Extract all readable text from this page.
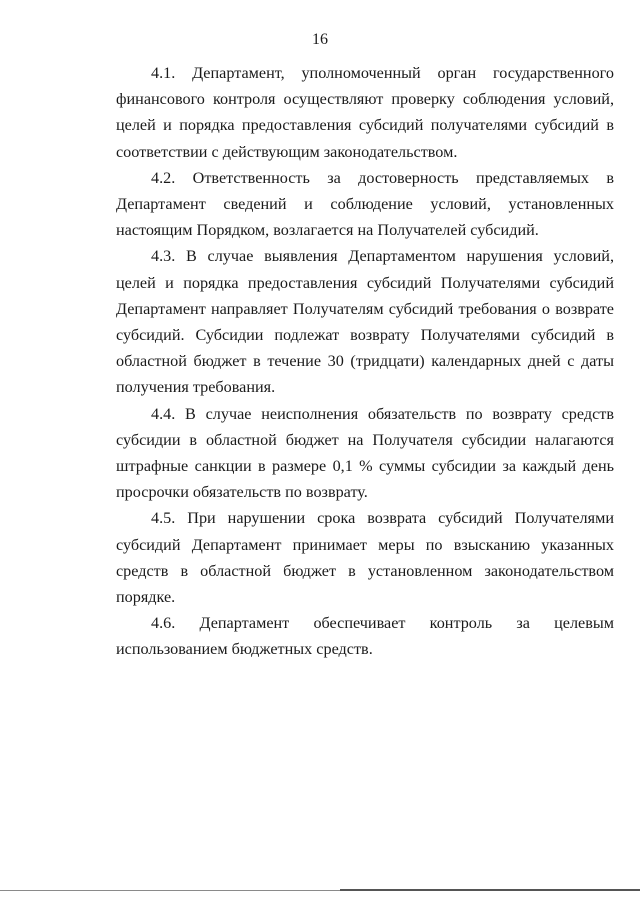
16

4.1. Департамент, уполномоченный орган государственного финансового контроля осуществляют проверку соблюдения условий, целей и порядка предоставления субсидий получателями субсидий в соответствии с действующим законодательством.

4.2. Ответственность за достоверность представляемых в Департамент сведений и соблюдение условий, установленных настоящим Порядком, возлагается на Получателей субсидий.

4.3. В случае выявления Департаментом нарушения условий, целей и порядка предоставления субсидий Получателями субсидий Департамент направляет Получателям субсидий требования о возврате субсидий. Субсидии подлежат возврату Получателями субсидий в областной бюджет в течение 30 (тридцати) календарных дней с даты получения требования.

4.4. В случае неисполнения обязательств по возврату средств субсидии в областной бюджет на Получателя субсидии налагаются штрафные санкции в размере 0,1 % суммы субсидии за каждый день просрочки обязательств по возврату.

4.5. При нарушении срока возврата субсидий Получателями субсидий Департамент принимает меры по взысканию указанных средств в областной бюджет в установленном законодательством порядке.

4.6. Департамент обеспечивает контроль за целевым использованием бюджетных средств.
